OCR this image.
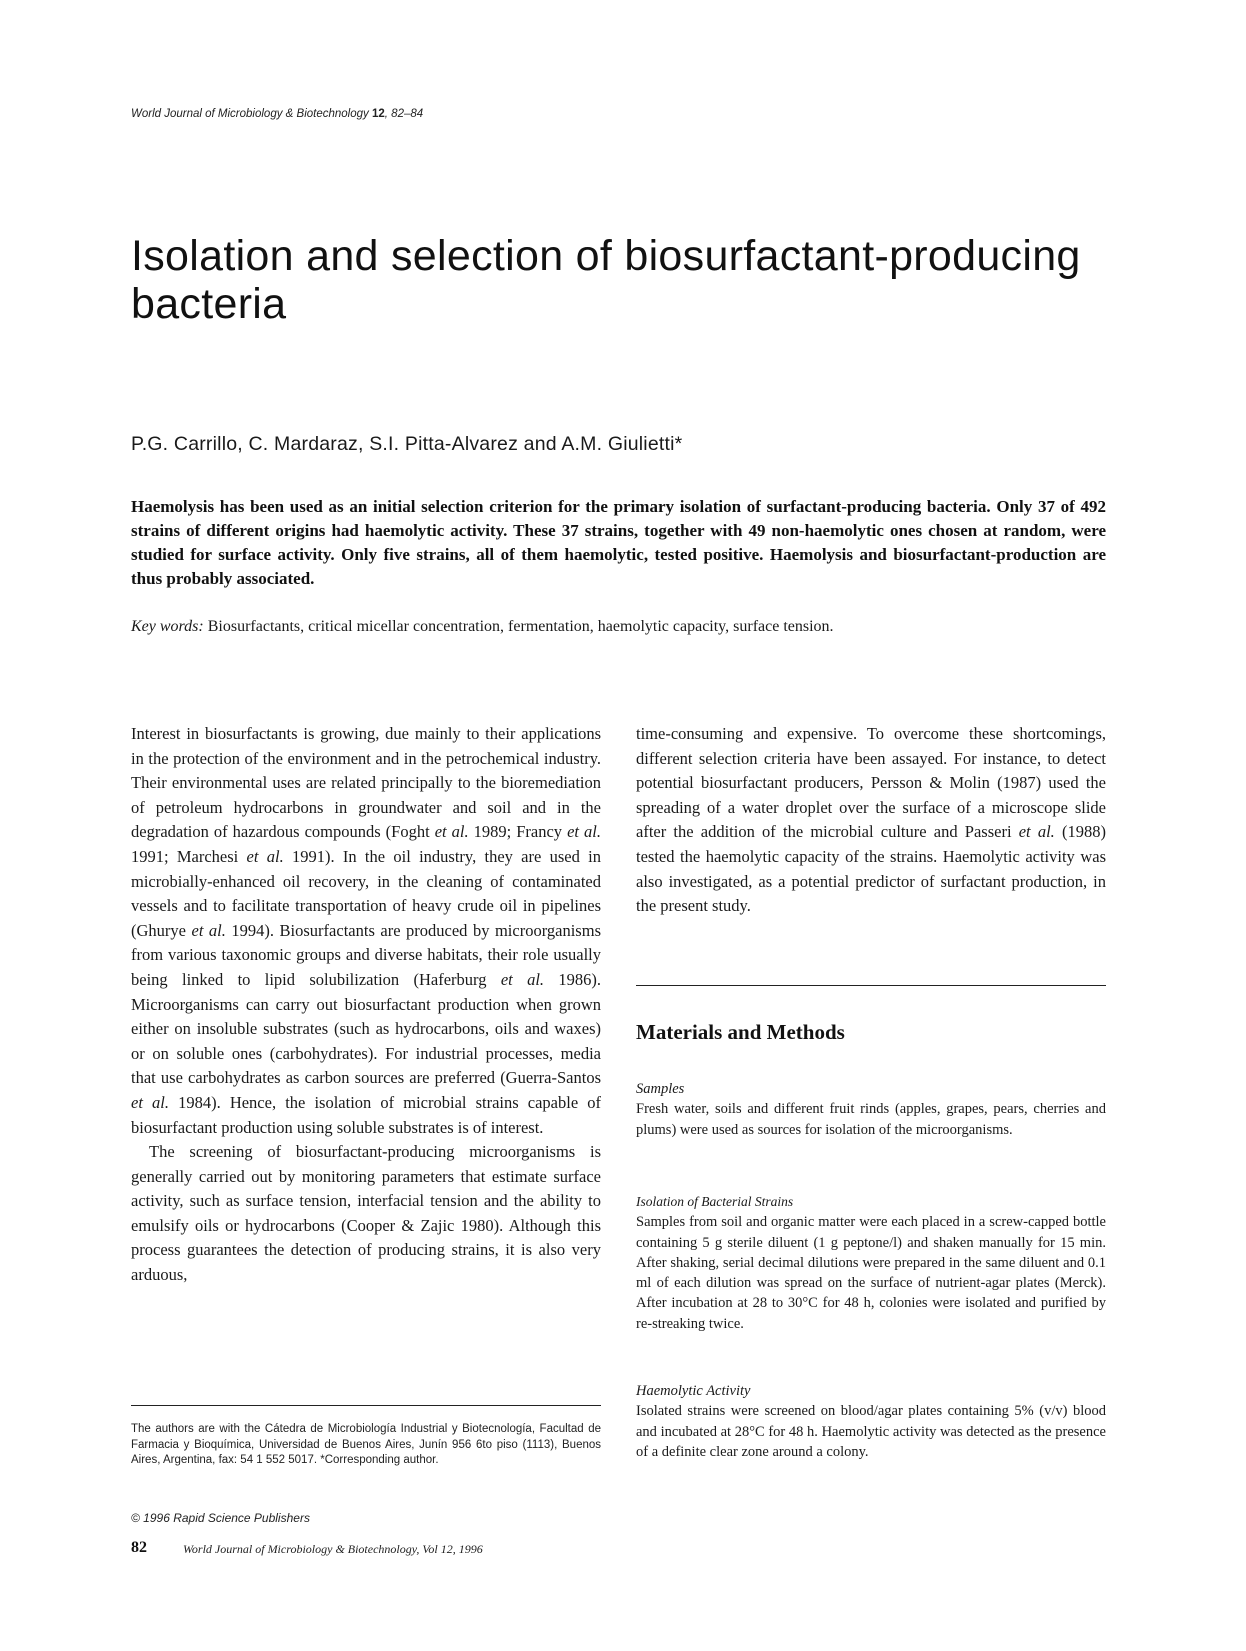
World Journal of Microbiology & Biotechnology 12, 82–84
Isolation and selection of biosurfactant-producing bacteria
P.G. Carrillo, C. Mardaraz, S.I. Pitta-Alvarez and A.M. Giulietti*

Haemolysis has been used as an initial selection criterion for the primary isolation of surfactant-producing bacteria. Only 37 of 492 strains of different origins had haemolytic activity. These 37 strains, together with 49 non-haemolytic ones chosen at random, were studied for surface activity. Only five strains, all of them haemolytic, tested positive. Haemolysis and biosurfactant-production are thus probably associated.

Key words: Biosurfactants, critical micellar concentration, fermentation, haemolytic capacity, surface tension.

Interest in biosurfactants is growing, due mainly to their applications in the protection of the environment and in the petrochemical industry. Their environmental uses are related principally to the bioremediation of petroleum hydrocarbons in groundwater and soil and in the degradation of hazardous compounds (Foght et al. 1989; Francy et al. 1991; Marchesi et al. 1991). In the oil industry, they are used in microbially-enhanced oil recovery, in the cleaning of contaminated vessels and to facilitate transportation of heavy crude oil in pipelines (Ghurye et al. 1994). Biosurfactants are produced by microorganisms from various taxonomic groups and diverse habitats, their role usually being linked to lipid solubilization (Haferburg et al. 1986). Microorganisms can carry out biosurfactant production when grown either on insoluble substrates (such as hydrocarbons, oils and waxes) or on soluble ones (carbohydrates). For industrial processes, media that use carbohydrates as carbon sources are preferred (Guerra-Santos et al. 1984). Hence, the isolation of microbial strains capable of biosurfactant production using soluble substrates is of interest.

The screening of biosurfactant-producing microorganisms is generally carried out by monitoring parameters that estimate surface activity, such as surface tension, interfacial tension and the ability to emulsify oils or hydrocarbons (Cooper & Zajic 1980). Although this process guarantees the detection of producing strains, it is also very arduous,

time-consuming and expensive. To overcome these shortcomings, different selection criteria have been assayed. For instance, to detect potential biosurfactant producers, Persson & Molin (1987) used the spreading of a water droplet over the surface of a microscope slide after the addition of the microbial culture and Passeri et al. (1988) tested the haemolytic capacity of the strains. Haemolytic activity was also investigated, as a potential predictor of surfactant production, in the present study.

Materials and Methods
Samples
Fresh water, soils and different fruit rinds (apples, grapes, pears, cherries and plums) were used as sources for isolation of the microorganisms.
Isolation of Bacterial Strains
Samples from soil and organic matter were each placed in a screw-capped bottle containing 5 g sterile diluent (1 g peptone/l) and shaken manually for 15 min. After shaking, serial decimal dilutions were prepared in the same diluent and 0.1 ml of each dilution was spread on the surface of nutrient-agar plates (Merck). After incubation at 28 to 30°C for 48 h, colonies were isolated and purified by re-streaking twice.
Haemolytic Activity
Isolated strains were screened on blood/agar plates containing 5% (v/v) blood and incubated at 28°C for 48 h. Haemolytic activity was detected as the presence of a definite clear zone around a colony.
The authors are with the Cátedra de Microbiología Industrial y Biotecnología, Facultad de Farmacia y Bioquímica, Universidad de Buenos Aires, Junín 956 6to piso (1113), Buenos Aires, Argentina, fax: 54 1 552 5017. *Corresponding author.
© 1996 Rapid Science Publishers
82	World Journal of Microbiology & Biotechnology, Vol 12, 1996
